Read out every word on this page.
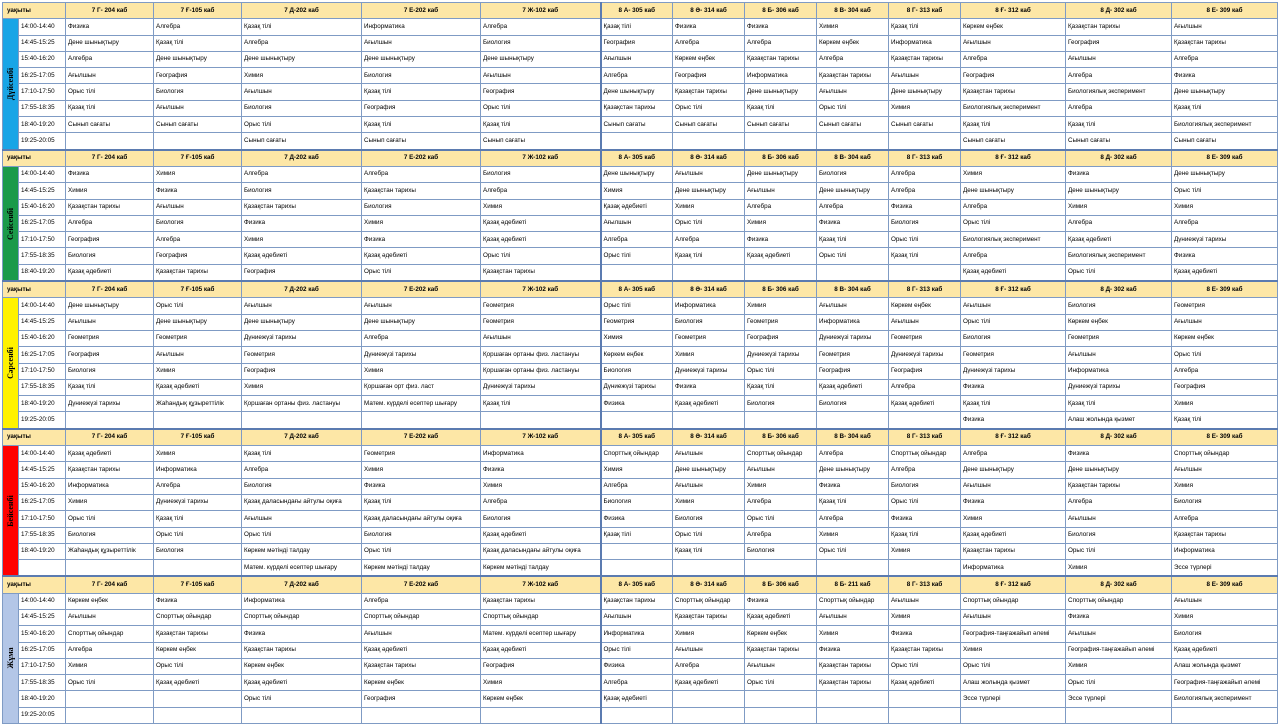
уақыты		7 Г- 204 каб	7 Ғ-105 каб	7 Д-202 каб	7 Е-202 каб	7 Ж-102 каб	8 А- 305 каб	8 Ә- 314 каб	8 Б- 306 каб	8 В- 304 каб	8 Г- 313 каб	8 Ғ- 312 каб	8 Д- 302 каб	8 Е- 309 каб

Дүйсенбі	14:00-14:40	Физика	Алгебра	Қазақ тілі	Информатика	Алгебра	Қазақ тілі	Физика	Физика	Химия	Қазақ тілі	Көркем еңбек	Қазақстан тарихы	Ағылшын
	14:45-15:25	Дене шынықтыру	Қазақ тілі	Алгебра	Ағылшын	Биология	География	Алгебра	Алгебра	Көркем еңбек	Информатика	Ағылшын	География	Қазақстан тарихы
	15:40-16:20	Алгебра	Дене шынықтыру	Дене шынықтыру	Дене шынықтыру	Дене шынықтыру	Ағылшын	Көркем еңбек	Қазақстан тарихы	Алгебра	Қазақстан тарихы	Алгебра	Ағылшын	Алгебра
	16:25-17:05	Ағылшын	География	Химия	Биология	Ағылшын	Алгебра	География	Информатика	Қазақстан тарихы	Ағылшын	География	Алгебра	Физика
	17:10-17:50	Орыс тілі	Биология	Ағылшын	Қазақ тілі	География	Дене шынықтыру	Қазақстан тарихы	Дене шынықтыру	Ағылшын	Дене шынықтыру	Қазақстан тарихы	Биологиялық эксперимент	Дене шынықтыру
	17:55-18:35	Қазақ тілі	Ағылшын	Биология	География	Орыс тілі	Қазақстан тарихы	Орыс тілі	Қазақ тілі	Орыс тілі	Химия	Биологиялық эксперимент	Алгебра	Қазақ тілі
	18:40-19:20	Сынып сағаты	Сынып сағаты	Орыс тілі	Қазақ тілі	Қазақ тілі	Сынып сағаты	Сынып сағаты	Сынып сағаты	Сынып сағаты	Сынып сағаты	Қазақ тілі	Қазақ тілі	Биологиялық эксперимент
	19:25-20:05			Сынып сағаты	Сынып сағаты	Сынып сағаты						Сынып сағаты	Сынып сағаты	Сынып сағаты
уақыты		7 Г- 204 каб	7 Ғ-105 каб	7 Д-202 каб	7 Е-202 каб	7 Ж-102 каб	8 А- 305 каб	8 Ә- 314 каб	8 Б- 306 каб	8 В- 304 каб	8 Г- 313 каб	8 Ғ- 312 каб	8 Д- 302 каб	8 Е- 309 каб

Сейсенбі	14:00-14:40	Физика	Химия	Алгебра	Алгебра	Биология	Дене шынықтыру	Ағылшын	Дене шынықтыру	Биология	Алгебра	Химия	Физика	Дене шынықтыру
	14:45-15:25	Химия	Физика	Биология	Қазақстан тарихы	Алгебра	Химия	Дене шынықтыру	Ағылшын	Дене шынықтыру	Алгебра	Дене шынықтыру	Дене шынықтыру	Орыс тілі
	15:40-16:20	Қазақстан тарихы	Ағылшын	Қазақстан тарихы	Биология	Химия	Қазақ әдебиеті	Химия	Алгебра	Алгебра	Физика	Алгебра	Химия	Химия
	16:25-17:05	Алгебра	Биология	Физика	Химия	Қазақ әдебиеті	Ағылшын	Орыс тілі	Химия	Физика	Биология	Орыс тілі	Алгебра	Алгебра
	17:10-17:50	География	Алгебра	Химия	Физика	Қазақ әдебиеті	Алгебра	Алгебра	Физика	Қазақ тілі	Орыс тілі	Биологиялық эксперимент	Қазақ әдебиеті	Дүниежүзі тарихы
	17:55-18:35	Биология	География	Қазақ әдебиеті	Қазақ әдебиеті	Орыс тілі	Орыс тілі	Қазақ тілі	Қазақ әдебиеті	Орыс тілі	Қазақ тілі	Алгебра	Биологиялық эксперимент	Физика
	18:40-19:20	Қазақ әдебиеті	Қазақстан тарихы	География	Орыс тілі	Қазақстан тарихы						Қазақ әдебиеті	Орыс тілі	Қазақ әдебиеті
уақыты		7 Г- 204 каб	7 Ғ-105 каб	7 Д-202 каб	7 Е-202 каб	7 Ж-102 каб	8 А- 305 каб	8 Ә- 314 каб	8 Б- 306 каб	8 В- 304 каб	8 Г- 313 каб	8 Ғ- 312 каб	8 Д- 302 каб	8 Е- 309 каб

Сәрсенбі	14:00-14:40	Дене шынықтыру	Орыс тілі	Ағылшын	Ағылшын	Геометрия	Орыс тілі	Информатика	Химия	Ағылшын	Көркем еңбек	Ағылшын	Биология	Геометрия
	14:45-15:25	Ағылшын	Дене шынықтыру	Дене шынықтыру	Дене шынықтыру	Геометрия	Геометрия	Биология	Геометрия	Информатика	Ағылшын	Орыс тілі	Көркем еңбек	Ағылшын
	15:40-16:20	Геометрия	Геометрия	Дүниежүзі тарихы	Алгебра	Ағылшын	Химия	Геометрия	География	Дүниежүзі тарихы	Геометрия	Биология	Геометрия	Көркем еңбек
	16:25-17:05	География	Ағылшын	Геометрия	Дүниежүзі тарихы	Қоршаған ортаны физ. ластануы	Көркем еңбек	Химия	Дүниежүзі тарихы	Геометрия	Дүниежүзі тарихы	Геометрия	Ағылшын	Орыс тілі
	17:10-17:50	Биология	Химия	География	Химия	Қоршаған ортаны физ. ластануы	Биология	Дүниежүзі тарихы	Орыс тілі	География	География	Дүниежүзі тарихы	Информатика	Алгебра
	17:55-18:35	Қазақ тілі	Қазақ әдебиеті	Химия	Қоршаған орт физ. ласт	Дүниежүзі тарихы	Дүниежүзі тарихы	Физика	Қазақ тілі	Қазақ әдебиеті	Алгебра	Физика	Дүниежүзі тарихы	География
	18:40-19:20	Дүниежүзі тарихы	Жаһандық құзыреттілік	Қоршаған ортаны физ. ластануы	Матем. күрделі есептер шығару	Қазақ тілі	Физика	Қазақ әдебиеті	Биология	Биология	Қазақ әдебиеті	Қазақ тілі	Қазақ тілі	Химия
	19:25-20:05											Физика	Алаш жолында қызмет	Қазақ тілі
уақыты		7 Г- 204 каб	7 Ғ-105 каб	7 Д-202 каб	7 Е-202 каб	7 Ж-102 каб	8 А- 305 каб	8 Ә- 314 каб	8 Б- 306 каб	8 В- 304 каб	8 Г- 313 каб	8 Ғ- 312 каб	8 Д- 302 каб	8 Е- 309 каб

Бейсенбі	14:00-14:40	Қазақ әдебиеті	Химия	Қазақ тілі	Геометрия	Информатика	Спорттық ойындар	Ағылшын	Спорттық ойындар	Алгебра	Спорттық ойындар	Алгебра	Физика	Спорттық ойындар
	14:45-15:25	Қазақстан тарихы	Информатика	Алгебра	Химия	Физика	Химия	Дене шынықтыру	Ағылшын	Дене шынықтыру	Алгебра	Дене шынықтыру	Дене шынықтыру	Ағылшын
	15:40-16:20	Информатика	Алгебра	Биология	Физика	Химия	Алгебра	Ағылшын	Химия	Физика	Биология	Ағылшын	Қазақстан тарихы	Химия
	16:25-17:05	Химия	Дүниежүзі тарихы	Қазақ даласындағы айтулы оқиға	Қазақ тілі	Алгебра	Биология	Химия	Алгебра	Қазақ тілі	Орыс тілі	Физика	Алгебра	Биология
	17:10-17:50	Орыс тілі	Қазақ тілі	Ағылшын	Қазақ даласындағы айтулы оқиға	Биология	Физика	Биология	Орыс тілі	Алгебра	Физика	Химия	Ағылшын	Алгебра
	17:55-18:35	Биология	Орыс тілі	Орыс тілі	Биология	Қазақ әдебиеті	Қазақ тілі	Орыс тілі	Алгебра	Химия	Қазақ тілі	Қазақ әдебиеті	Биология	Қазақстан тарихы
	18:40-19:20	Жаһандық құзыреттілік	Биология	Көркем мәтінді талдау	Орыс тілі	Қазақ даласындағы айтулы оқиға		Қазақ тілі	Биология	Орыс тілі	Химия	Қазақстан тарихы	Орыс тілі	Информатика
				Матем. күрделі есептер шығару	Көркем мәтінді талдау	Көркем мәтінді талдау						Информатика	Химия	Эссе түрлері
уақыты		7 Г- 204 каб	7 Ғ-105 каб	7 Д-202 каб	7 Е-202 каб	7 Ж-102 каб	8 А- 305 каб	8 Ә- 314 каб	8 Б- 306 каб	8 Б- 211 каб	8 Г- 313 каб	8 Ғ- 312 каб	8 Д- 302 каб	8 Е- 309 каб

Жұма	14:00-14:40	Көркем еңбек	Физика	Информатика	Алгебра	Қазақстан тарихы	Қазақстан тарихы	Спорттық ойындар	Физика	Спорттық ойындар	Ағылшын	Спорттық ойындар	Спорттық ойындар	Ағылшын
	14:45-15:25	Ағылшын	Спорттық ойындар	Спорттық ойындар	Спорттық ойындар	Спорттық ойындар	Ағылшын	Қазақстан тарихы	Қазақ әдебиеті	Ағылшын	Химия	Ағылшын	Физика	Химия
	15:40-16:20	Спорттық ойындар	Қазақстан тарихы	Физика	Ағылшын	Матем. күрделі есептер шығару	Информатика	Химия	Көркем еңбек	Химия	Физика	География-таңғажайып әлемі	Ағылшын	Биология
	16:25-17:05	Алгебра	Көркем еңбек	Қазақстан тарихы	Қазақ әдебиеті	Қазақ әдебиеті	Орыс тілі	Ағылшын	Қазақстан тарихы	Физика	Қазақстан тарихы	Химия	География-таңғажайып әлемі	Қазақ әдебиеті
	17:10-17:50	Химия	Орыс тілі	Көркем еңбек	Қазақстан тарихы	География	Физика	Алгебра	Ағылшын	Қазақстан тарихы	Орыс тілі	Орыс тілі	Химия	Алаш жолында қызмет
	17:55-18:35	Орыс тілі	Қазақ әдебиеті	Қазақ әдебиеті	Көркем еңбек	Химия	Алгебра	Қазақ әдебиеті	Орыс тілі	Қазақстан тарихы	Қазақ әдебиеті	Алаш жолында қызмет	Орыс тілі	География-таңғажайып әлемі
	18:40-19:20			Орыс тілі	География	Көркем еңбек	Қазақ әдебиеті					Эссе түрлері	Эссе түрлері	Биологиялық эксперимент
	19:25-20:05													
